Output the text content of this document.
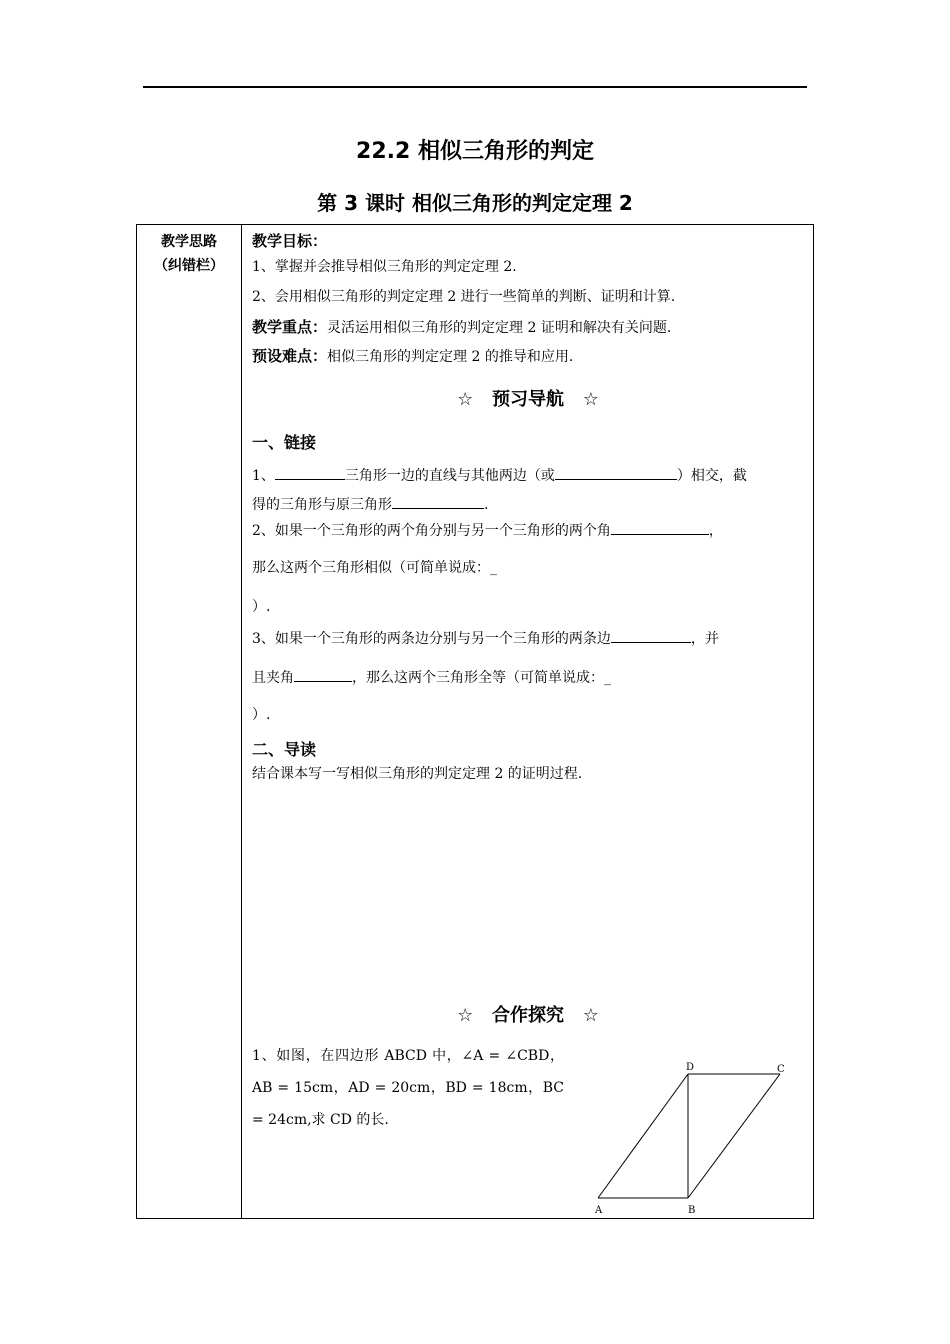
22.2 相似三角形的判定
第 3 课时 相似三角形的判定定理 2
教学思路
（纠错栏）
教学目标：
1、掌握并会推导相似三角形的判定定理 2.
2、会用相似三角形的判定定理 2 进行一些简单的判断、证明和计算.
教学重点：灵活运用相似三角形的判定定理 2 证明和解决有关问题.
预设难点：相似三角形的判定定理 2 的推导和应用.
☆   预习导航   ☆
一、链接
1、	三角形一边的直线与其他两边（或	）相交，截
得的三角形与原三角形	.
2、如果一个三角形的两个角分别与另一个三角形的两个角	，
那么这两个三角形相似（可简单说成：_
）.
3、如果一个三角形的两条边分别与另一个三角形的两条边	，并
且夹角	，那么这两个三角形全等（可简单说成：_
）.
二、导读
结合课本写一写相似三角形的判定定理 2 的证明过程.
☆   合作探究   ☆
1、如图，在四边形 ABCD 中，∠A = ∠CBD，AB = 15cm，AD = 20cm，BD = 18cm，BC = 24cm,求 CD 的长.
A	B
C
D
